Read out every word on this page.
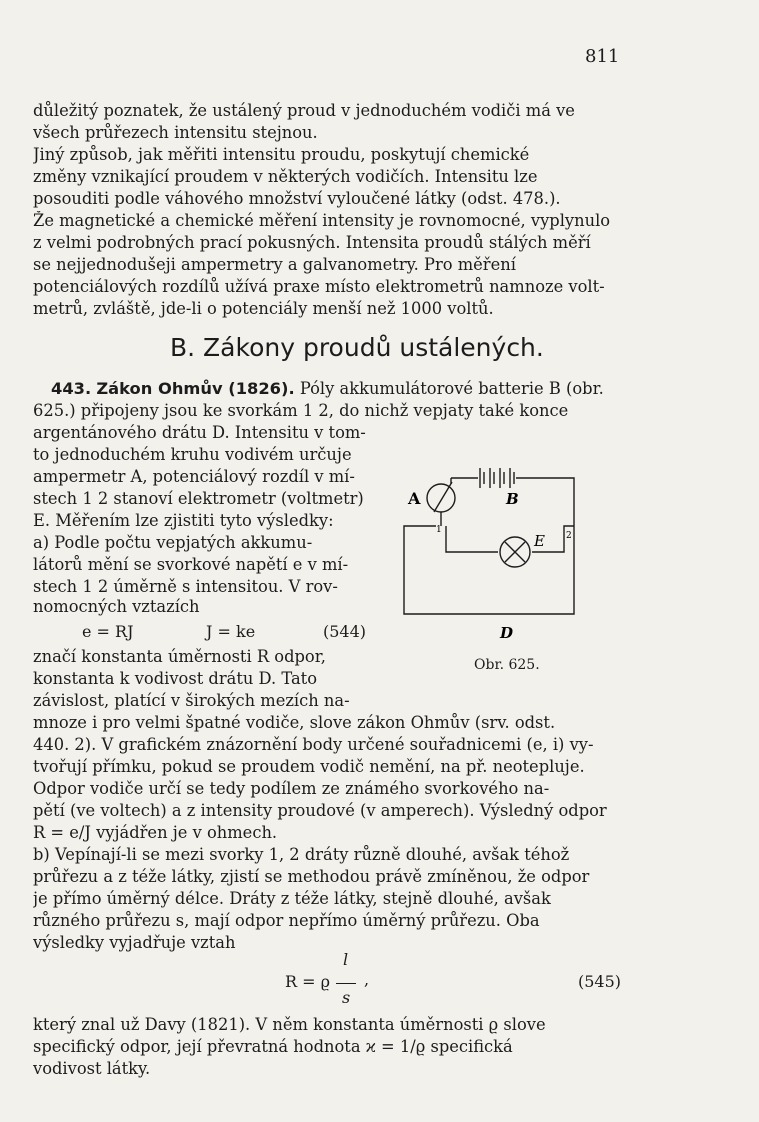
811
důležitý poznatek, že ustálený proud v jednoduchém vodiči má ve
všech průřezech intensitu stejnou.
Jiný způsob, jak měřiti intensitu proudu, poskytují chemické
změny vznikající proudem v některých vodičích. Intensitu lze
posouditi podle váhového množství vyloučené látky (odst. 478.).
Že magnetické a chemické měření intensity je rovnomocné, vyplynulo
z velmi podrobných prací pokusných. Intensita proudů stálých měří
se nejjednodušeji ampermetry a galvanometry. Pro měření
potenciálových rozdílů užívá praxe místo elektrometrů namnoze volt-
metrů, zvláště, jde-li o potenciály menší než 1000 voltů.
B. Zákony proudů ustálených.
443. Zákon Ohmův (1826). Póly akkumulátorové batterie B (obr.
625.) připojeny jsou ke svorkám 1 2, do nichž vepjaty také konce
argentánového drátu D. Intensitu v tom-
to jednoduchém kruhu vodivém určuje
ampermetr A, potenciálový rozdíl v mí-
stech 1 2 stanoví elektrometr (voltmetr)
E. Měřením lze zjistiti tyto výsledky:
a) Podle počtu vepjatých akkumu-
látorů mění se svorkové napětí e v mí-
stech 1 2 úměrně s intensitou. V rov-
nomocných vztazích
e = RJ	J = ke	(544)
značí konstanta úměrnosti R odpor,
konstanta k vodivost drátu D. Tato
závislost, platící v širokých mezích na-
mnoze i pro velmi špatné vodiče, slove zákon Ohmův (srv. odst.
440. 2). V grafickém znázornění body určené souřadnicemi (e, i) vy-
tvořují přímku, pokud se proudem vodič nemění, na př. neotepluje.
Odpor vodiče určí se tedy podílem ze známého svorkového na-
pětí (ve voltech) a z intensity proudové (v amperech). Výsledný odpor
R = e/J vyjádřen je v ohmech.
b) Vepínají-li se mezi svorky 1, 2 dráty různě dlouhé, avšak téhož
průřezu a z téže látky, zjistí se methodou právě zmíněnou, že odpor
je přímo úměrný délce. Dráty z téže látky, stejně dlouhé, avšak
různého průřezu s, mají odpor nepřímo úměrný průřezu. Oba
výsledky vyjadřuje vztah
R = ϱ
l
s
,	(545)
který znal už Davy (1821). V něm konstanta úměrnosti ϱ slove
specifický odpor, její převratná hodnota ϰ = 1/ϱ specifická
vodivost látky.
A	B
E
D
1
2
Obr. 625.
